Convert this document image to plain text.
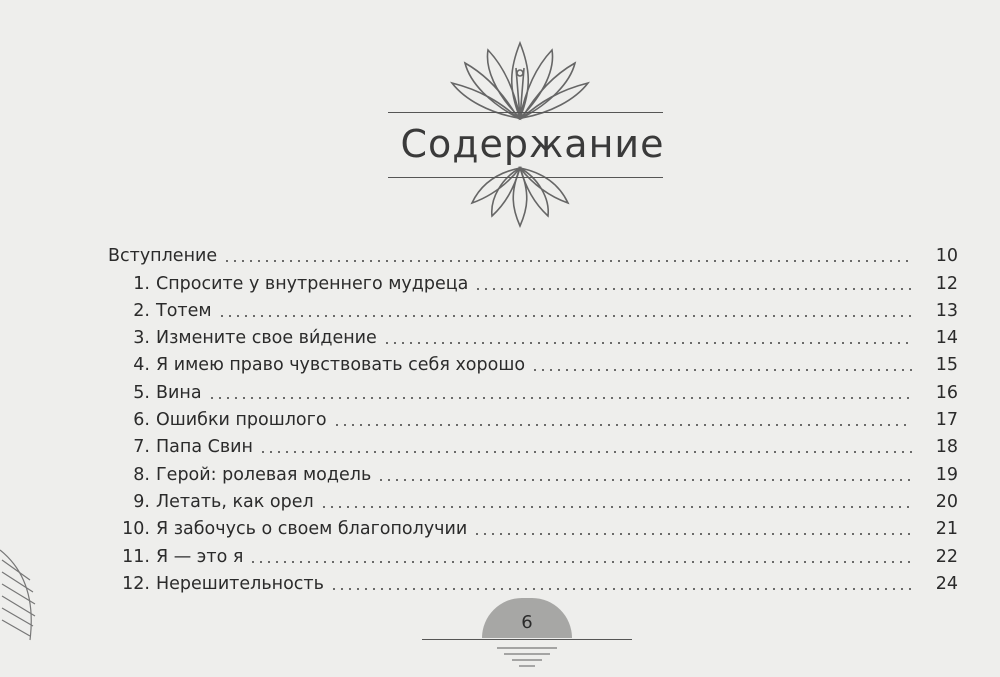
Содержание
Вступление	10
1. Спросите у внутреннего мудреца	12
2. Тотем	13
3. Измените свое ви́дение	14
4. Я имею право чувствовать себя хорошо	15
5. Вина	16
6. Ошибки прошлого	17
7. Папа Свин	18
8. Герой: ролевая модель	19
9. Летать, как орел	20
10. Я забочусь о своем благополучии	21
11. Я — это я	22
12. Нерешительность	24
6
